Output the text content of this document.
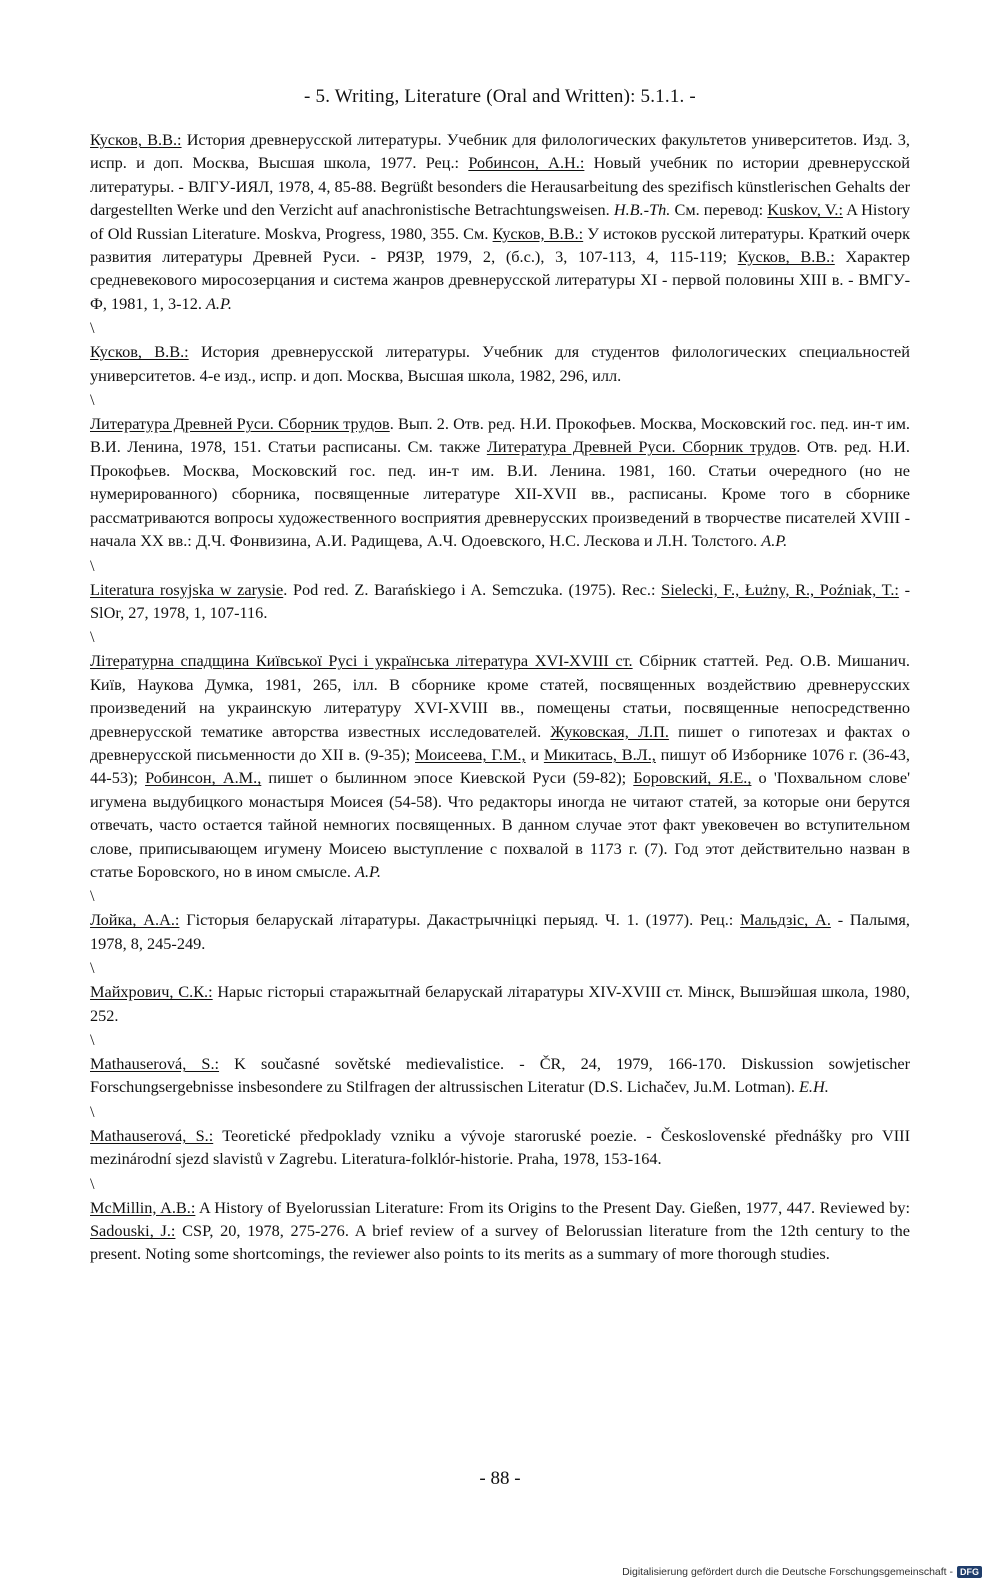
- 5. Writing, Literature (Oral and Written): 5.1.1. -

Кусков, В.В.: История древнерусской литературы. Учебник для филологических факультетов университетов. Изд. 3, испр. и доп. Москва, Высшая школа, 1977. Рец.: Робинсон, А.Н.: Новый учебник по истории древнерусской литературы. - ВЛГУ-ИЯЛ, 1978, 4, 85-88. Begrüßt besonders die Herausarbeitung des spezifisch künstlerischen Gehalts der dargestellten Werke und den Verzicht auf anachronistische Betrachtungsweisen. H.B.-Th. См. перевод: Kuskov, V.: A History of Old Russian Literature. Moskva, Progress, 1980, 355. См. Кусков, В.В.: У истоков русской литературы. Краткий очерк развития литературы Древней Руси. - РЯЗР, 1979, 2, (б.с.), 3, 107-113, 4, 115-119; Кусков, В.В.: Характер средневекового миросозерцания и система жанров древнерусской литературы XI - первой половины XIII в. - ВМГУ-Ф, 1981, 1, 3-12. A.P.

\

Кусков, В.В.: История древнерусской литературы. Учебник для студентов филологических специальностей университетов. 4-е изд., испр. и доп. Москва, Высшая школа, 1982, 296, илл.

\

Литература Древней Руси. Сборник трудов. Вып. 2. Отв. ред. Н.И. Прокофьев. Москва, Московский гос. пед. ин-т им. В.И. Ленина, 1978, 151. Статьи расписаны. См. также Литература Древней Руси. Сборник трудов. Отв. ред. Н.И. Прокофьев. Москва, Московский гос. пед. ин-т им. В.И. Ленина. 1981, 160. Статьи очередного (но не нумерированного) сборника, посвященные литературе XII-XVII вв., расписаны. Кроме того в сборнике рассматриваются вопросы художественного восприятия древнерусских произведений в творчестве писателей XVIII - начала XX вв.: Д.Ч. Фонвизина, А.И. Радищева, А.Ч. Одоевского, Н.С. Лескова и Л.Н. Толстого. A.P.

\

Literatura rosyjska w zarysie. Pod red. Z. Barańskiego i A. Semczuka. (1975). Rec.: Sielecki, F., Łużny, R., Poźniak, T.: - SlOr, 27, 1978, 1, 107-116.

\

Літературна спадщина Київської Русі і українська література XVI-XVIII ст. Сбірник статтей. Ред. О.В. Мишанич. Київ, Наукова Думка, 1981, 265, ілл. В сборнике кроме статей, посвященных воздействию древнерусских произведений на украинскую литературу XVI-XVIII вв., помещены статьи, посвященные непосредственно древнерусской тематике авторства известных исследователей. Жуковская, Л.П. пишет о гипотезах и фактах о древнерусской письменности до XII в. (9-35); Моисеева, Г.М., и Микитась, В.Л., пишут об Изборнике 1076 г. (36-43, 44-53); Робинсон, А.М., пишет о былинном эпосе Киевской Руси (59-82); Боровский, Я.Е., о 'Похвальном слове' игумена выдубицкого монастыря Моисея (54-58). Что редакторы иногда не читают статей, за которые они берутся отвечать, часто остается тайной немногих посвященных. В данном случае этот факт увековечен во вступительном слове, приписывающем игумену Моисею выступление с похвалой в 1173 г. (7). Год этот действительно назван в статье Боровского, но в ином смысле. A.P.

\

Лойка, А.А.: Гісторыя беларускай літаратуры. Дакастрычніцкі перыяд. Ч. 1. (1977). Рец.: Мальдзіс, А. - Палымя, 1978, 8, 245-249.

\

Майхрович, С.К.: Нарыс гісторыі старажытнай беларускай літаратуры XIV-XVIII ст. Мінск, Вышэйшая школа, 1980, 252.

\

Mathauserová, S.: K současné sovětské medievalistice. - ČR, 24, 1979, 166-170. Diskussion sowjetischer Forschungsergebnisse insbesondere zu Stilfragen der altrussischen Literatur (D.S. Lichačev, Ju.M. Lotman). E.H.

\

Mathauserová, S.: Teoretické předpoklady vzniku a vývoje staroruské poezie. - Československé přednášky pro VIII mezinárodní sjezd slavistů v Zagrebu. Literatura-folklór-historie. Praha, 1978, 153-164.

\

McMillin, A.B.: A History of Byelorussian Literature: From its Origins to the Present Day. Gießen, 1977, 447. Reviewed by: Sadouski, J.: CSP, 20, 1978, 275-276. A brief review of a survey of Belorussian literature from the 12th century to the present. Noting some shortcomings, the reviewer also points to its merits as a summary of more thorough studies.

- 88 -
Digitalisierung gefördert durch die Deutsche Forschungsgemeinschaft - DFG
